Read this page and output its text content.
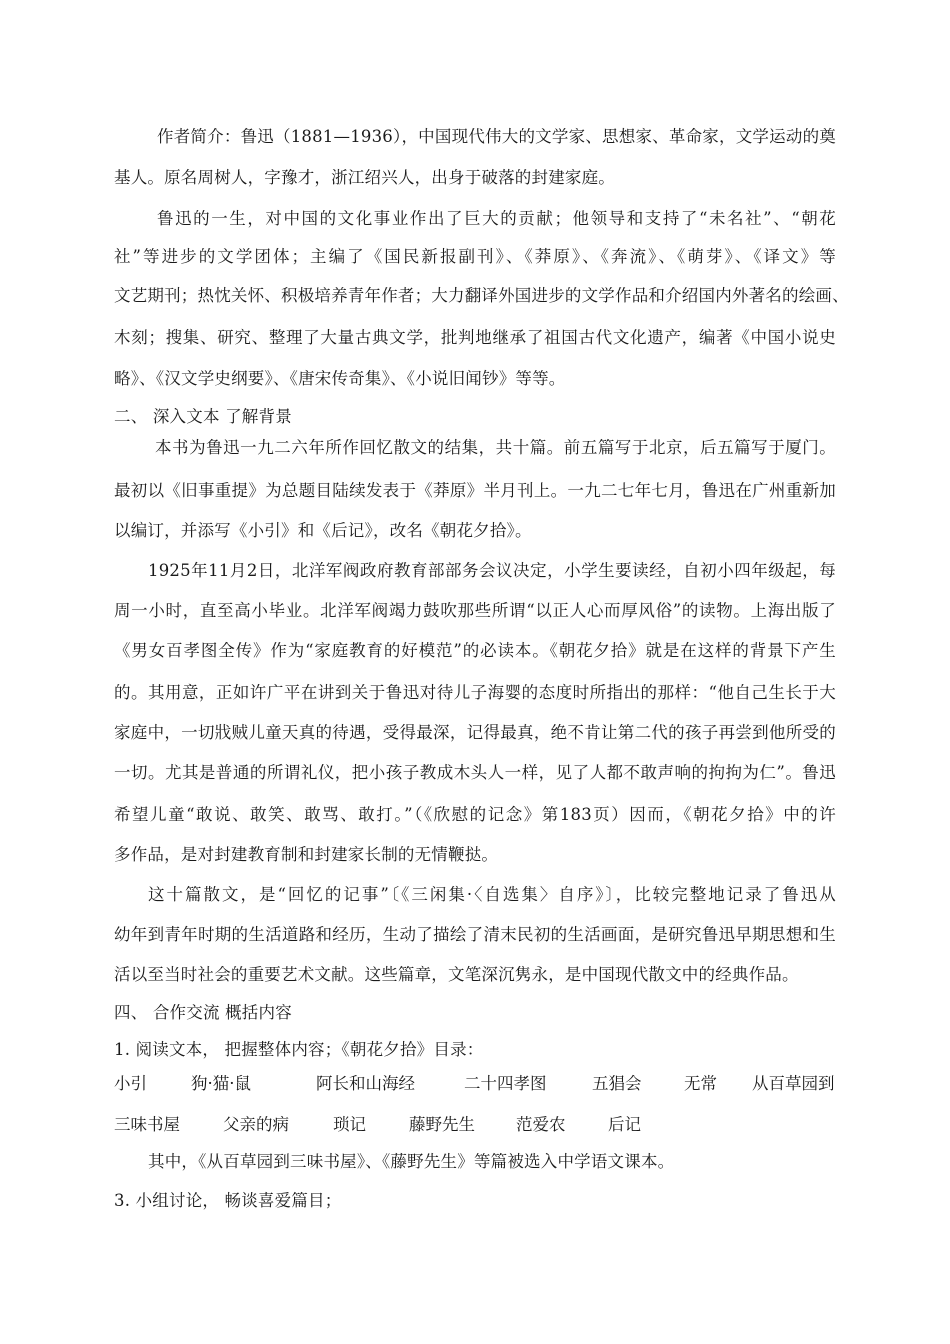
作者简介：鲁迅（1881—1936），中国现代伟大的文学家、思想家、革命家，文学运动的奠
基人。原名周树人，字豫才，浙江绍兴人，出身于破落的封建家庭。
鲁迅的一生，对中国的文化事业作出了巨大的贡献；他领导和支持了“未名社”、“朝花
社”等进步的文学团体；主编了《国民新报副刊》、《莽原》、《奔流》、《萌芽》、《译文》等
文艺期刊；热忱关怀、积极培养青年作者；大力翻译外国进步的文学作品和介绍国内外著名的绘画、
木刻；搜集、研究、整理了大量古典文学，批判地继承了祖国古代文化遗产，编著《中国小说史
略》、《汉文学史纲要》、《唐宋传奇集》、《小说旧闻钞》等等。
二、 深入文本 了解背景
本书为鲁迅一九二六年所作回忆散文的结集，共十篇。前五篇写于北京，后五篇写于厦门。
最初以《旧事重提》为总题目陆续发表于《莽原》半月刊上。一九二七年七月，鲁迅在广州重新加
以编订，并添写《小引》和《后记》，改名《朝花夕拾》。
1925年11月2日，北洋军阀政府教育部部务会议决定，小学生要读经，自初小四年级起，每
周一小时，直至高小毕业。北洋军阀竭力鼓吹那些所谓“以正人心而厚风俗”的读物。上海出版了
《男女百孝图全传》作为“家庭教育的好模范”的必读本。《朝花夕拾》就是在这样的背景下产生
的。其用意，正如许广平在讲到关于鲁迅对待儿子海婴的态度时所指出的那样：“他自己生长于大
家庭中，一切戕贼儿童天真的待遇，受得最深，记得最真，绝不肯让第二代的孩子再尝到他所受的
一切。尤其是普通的所谓礼仪，把小孩子教成木头人一样，见了人都不敢声响的拘拘为仁”。鲁迅
希望儿童“敢说、敢笑、敢骂、敢打。”（《欣慰的记念》第183页）因而，《朝花夕拾》中的许
多作品，是对封建教育制和封建家长制的无情鞭挞。
这十篇散文，是“回忆的记事”〔《三闲集·〈自选集〉自序》〕，比较完整地记录了鲁迅从
幼年到青年时期的生活道路和经历，生动了描绘了清末民初的生活画面，是研究鲁迅早期思想和生
活以至当时社会的重要艺术文献。这些篇章，文笔深沉隽永，是中国现代散文中的经典作品。
四、 合作交流 概括内容
1. 阅读文本， 把握整体内容；《朝花夕拾》目录：
小引	狗·猫·鼠	阿长和山海经	二十四孝图	五猖会	无常 从百草园到
三味书屋	父亲的病	琐记	藤野先生 范爱农	后记
其中，《从百草园到三味书屋》、《藤野先生》等篇被选入中学语文课本。
3. 小组讨论， 畅谈喜爱篇目；
